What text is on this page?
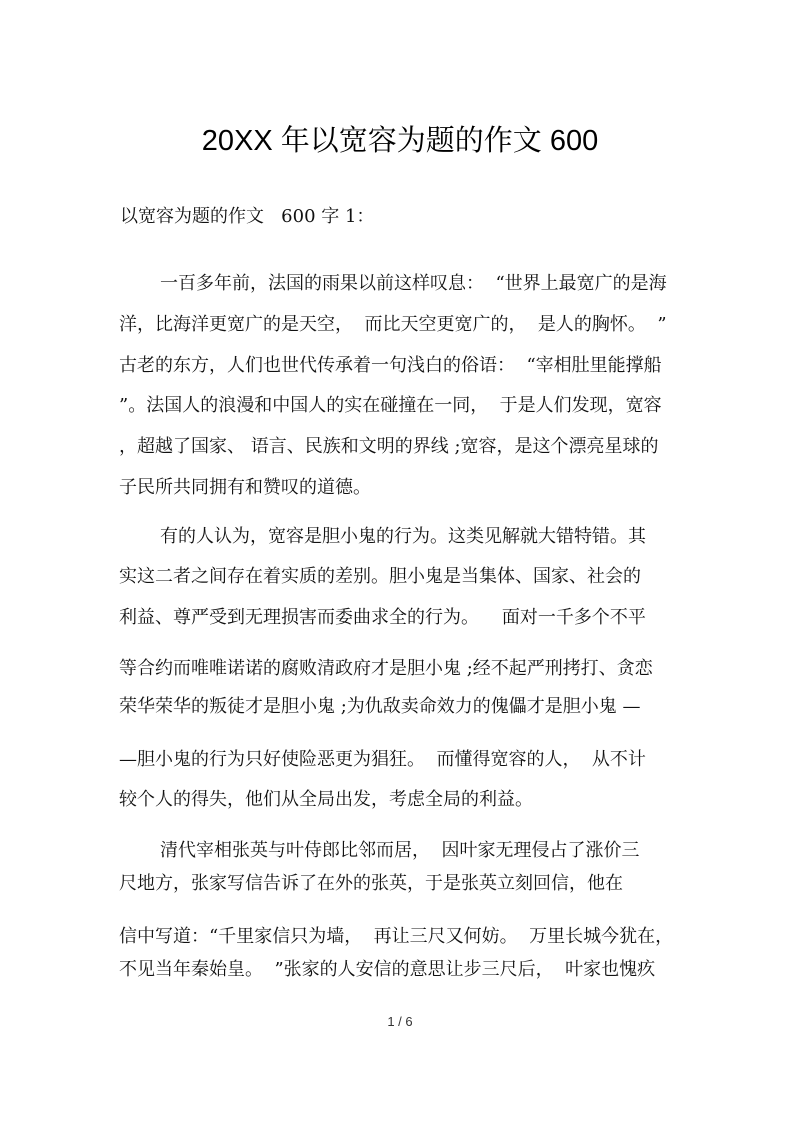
20XX 年以宽容为题的作文 600
以宽容为题的作文   600 字 1：
一百多年前，法国的雨果以前这样叹息：  “世界上最宽广的是海
洋，比海洋更宽广的是天空，  而比天空更宽广的，  是人的胸怀。  ”
古老的东方，人们也世代传承着一句浅白的俗语：  “宰相肚里能撑船
”。法国人的浪漫和中国人的实在碰撞在一同，  于是人们发现，宽容
，超越了国家、 语言、民族和文明的界线 ;宽容，是这个漂亮星球的
子民所共同拥有和赞叹的道德。
有的人认为，宽容是胆小鬼的行为。这类见解就大错特错。其
实这二者之间存在着实质的差别。胆小鬼是当集体、国家、社会的
利益、尊严受到无理损害而委曲求全的行为。    面对一千多个不平
等合约而唯唯诺诺的腐败清政府才是胆小鬼 ;经不起严刑拷打、贪恋
荣华荣华的叛徒才是胆小鬼 ;为仇敌卖命效力的傀儡才是胆小鬼 —
—胆小鬼的行为只好使险恶更为猖狂。  而懂得宽容的人，  从不计
较个人的得失，他们从全局出发，考虑全局的利益。
清代宰相张英与叶侍郎比邻而居，  因叶家无理侵占了涨价三
尺地方，张家写信告诉了在外的张英，于是张英立刻回信，他在
信中写道：“千里家信只为墙，  再让三尺又何妨。  万里长城今犹在，
不见当年秦始皇。  ”张家的人安信的意思让步三尺后，  叶家也愧疚
1 / 6
